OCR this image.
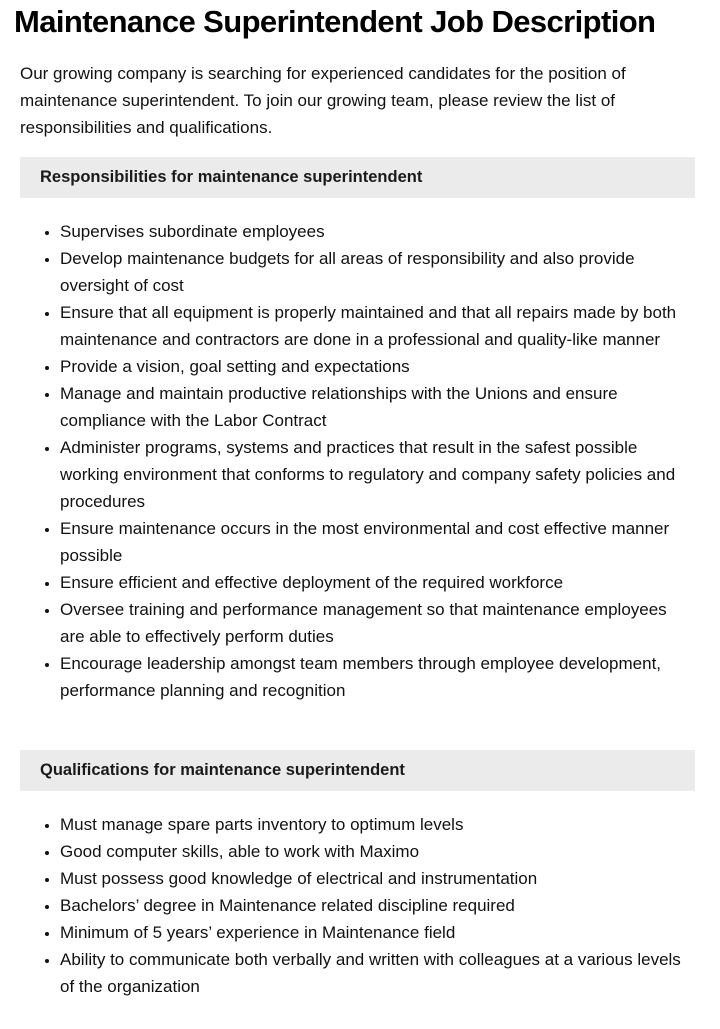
Maintenance Superintendent Job Description

Our growing company is searching for experienced candidates for the position of maintenance superintendent. To join our growing team, please review the list of responsibilities and qualifications.

Responsibilities for maintenance superintendent
• Supervises subordinate employees
• Develop maintenance budgets for all areas of responsibility and also provide oversight of cost
• Ensure that all equipment is properly maintained and that all repairs made by both maintenance and contractors are done in a professional and quality-like manner
• Provide a vision, goal setting and expectations
• Manage and maintain productive relationships with the Unions and ensure compliance with the Labor Contract
• Administer programs, systems and practices that result in the safest possible working environment that conforms to regulatory and company safety policies and procedures
• Ensure maintenance occurs in the most environmental and cost effective manner possible
• Ensure efficient and effective deployment of the required workforce
• Oversee training and performance management so that maintenance employees are able to effectively perform duties
• Encourage leadership amongst team members through employee development, performance planning and recognition
Qualifications for maintenance superintendent
• Must manage spare parts inventory to optimum levels
• Good computer skills, able to work with Maximo
• Must possess good knowledge of electrical and instrumentation
• Bachelors’ degree in Maintenance related discipline required
• Minimum of 5 years’ experience in Maintenance field
• Ability to communicate both verbally and written with colleagues at a various levels of the organization
